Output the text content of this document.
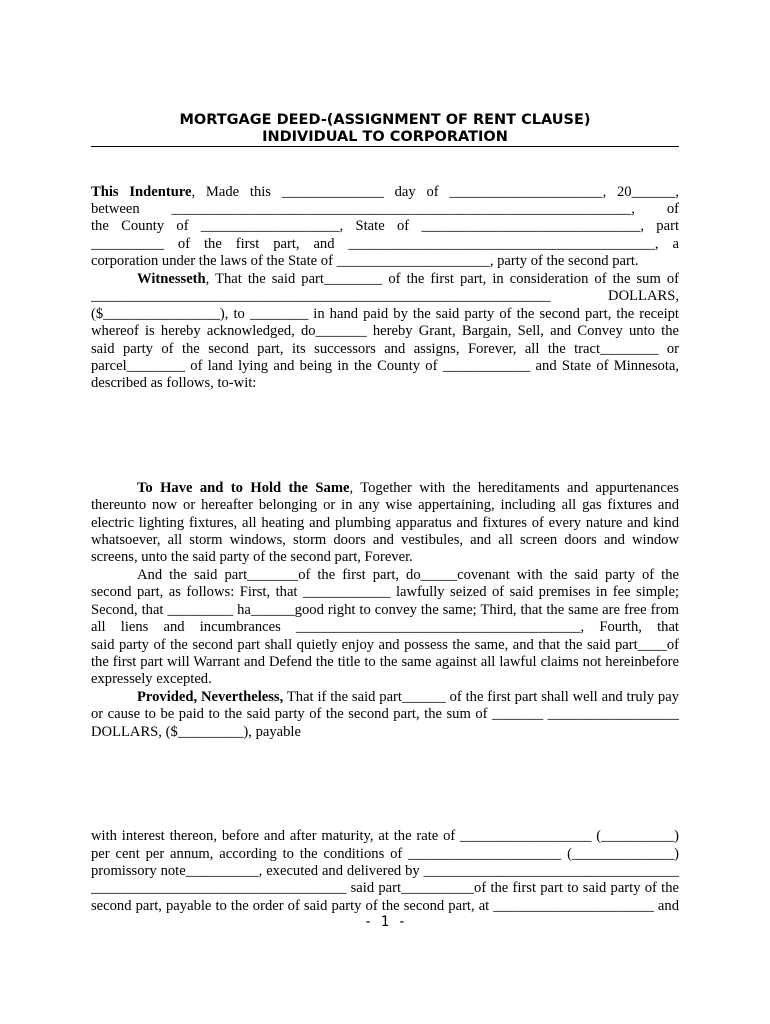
MORTGAGE DEED-(ASSIGNMENT OF RENT CLAUSE)
INDIVIDUAL TO CORPORATION
This Indenture, Made this ______________ day of _____________________, 20______,
between _______________________________________________________________, of
the County of ___________________, State of ______________________________, part
__________ of the first part, and __________________________________________, a
corporation under the laws of the State of _____________________, party of the second part.
Witnesseth, That the said part________ of the first part, in consideration of the sum of
_______________________________________________________________ DOLLARS,
($________________), to ________ in hand paid by the said party of the second part, the receipt
whereof is hereby acknowledged, do_______ hereby Grant, Bargain, Sell, and Convey unto the
said party of the second part, its successors and assigns, Forever, all the tract________ or
parcel________ of land lying and being in the County of ____________ and State of Minnesota,
described as follows, to-wit:
To Have and to Hold the Same, Together with the hereditaments and appurtenances
thereunto now or hereafter belonging or in any wise appertaining, including all gas fixtures and
electric lighting fixtures, all heating and plumbing apparatus and fixtures of every nature and kind
whatsoever, all storm windows, storm doors and vestibules, and all screen doors and window
screens, unto the said party of the second part, Forever.
And the said part_______of the first part, do_____covenant with the said party of the
second part, as follows: First, that ____________ lawfully seized of said premises in fee simple;
Second, that _________ ha______good right to convey the same; Third, that the same are free from
all liens and incumbrances _______________________________________, Fourth, that
said party of the second part shall quietly enjoy and possess the same, and that the said part____of
the first part will Warrant and Defend the title to the same against all lawful claims not hereinbefore
expressely excepted.
Provided, Nevertheless, That if the said part______ of the first part shall well and truly pay
or cause to be paid to the said party of the second part, the sum of _______ __________________
DOLLARS, ($_________), payable
with interest thereon, before and after maturity, at the rate of __________________ (__________)
per cent per annum, according to the conditions of _____________________ (______________)
promissory note__________, executed and delivered by ___________________________________
___________________________________ said part__________of the first part to said party of the
second part, payable to the order of said party of the second part, at ______________________ and
- 1 -
